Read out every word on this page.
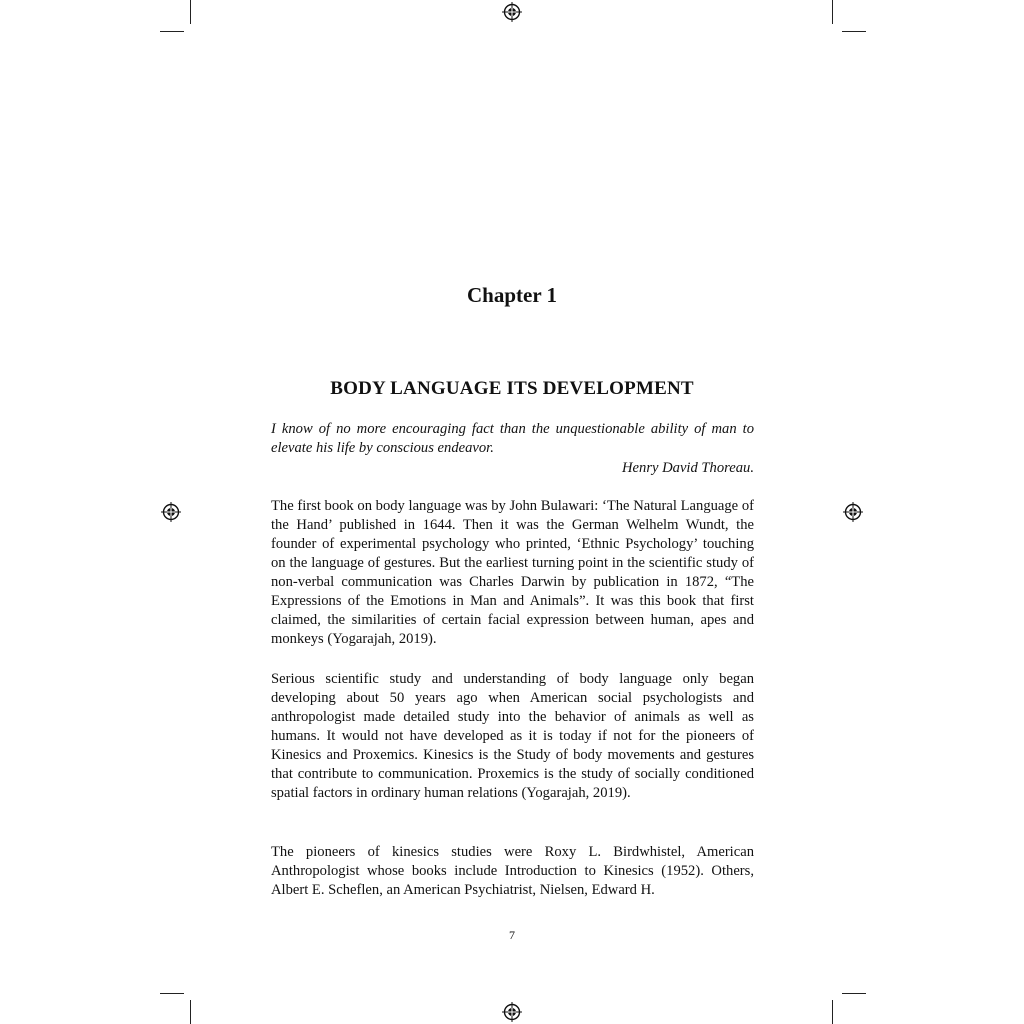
Chapter 1
BODY LANGUAGE ITS DEVELOPMENT

I know of no more encouraging fact than the unquestionable ability of man to elevate his life by conscious endeavor.

Henry David Thoreau.

The first book on body language was by John Bulawari: ‘The Natural Language of the Hand’ published in 1644. Then it was the German Welhelm Wundt, the founder of experimental psychology who printed, ‘Ethnic Psychology’ touching on the language of gestures. But the earliest turning point in the scientific study of non-verbal communication was Charles Darwin by publication in 1872, “The Expressions of the Emotions in Man and Animals”. It was this book that first claimed, the similarities of certain facial expression between human, apes and monkeys (Yogarajah, 2019).

Serious scientific study and understanding of body language only began developing about 50 years ago when American social psychologists and anthropologist made detailed study into the behavior of animals as well as humans. It would not have developed as it is today if not for the pioneers of Kinesics and Proxemics. Kinesics is the Study of body movements and gestures that contribute to communication. Proxemics is the study of socially conditioned spatial factors in ordinary human relations (Yogarajah, 2019).

The pioneers of kinesics studies were Roxy L. Birdwhistel, American Anthropologist whose books include Introduction to Kinesics (1952). Others, Albert E. Scheflen, an American Psychiatrist, Nielsen, Edward H.

7
